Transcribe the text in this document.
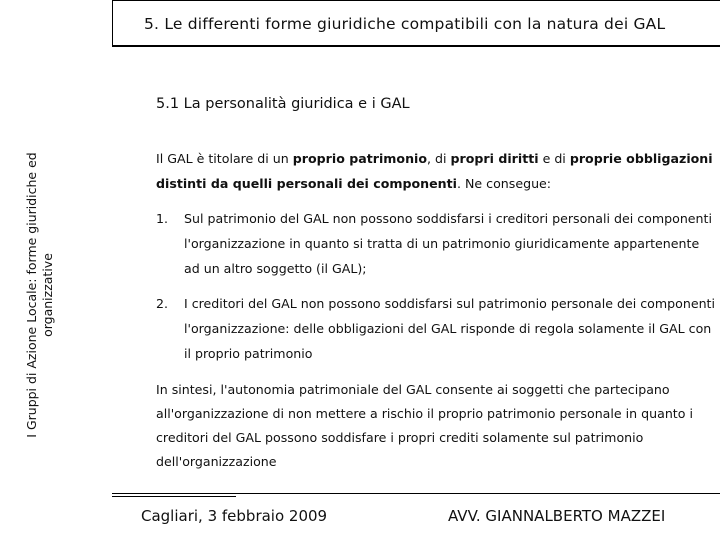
5. Le differenti forme giuridiche compatibili con la natura dei GAL
I Gruppi di Azione Locale: forme giuridiche ed
organizzative
5.1 La personalità giuridica e i GAL

Il GAL è titolare di un proprio patrimonio, di propri diritti e di proprie obbligazioni distinti da quelli personali dei componenti. Ne consegue:

1. Sul patrimonio del GAL non possono soddisfarsi i creditori personali dei componenti l'organizzazione in quanto si tratta di un patrimonio giuridicamente appartenente ad un altro soggetto (il GAL);
2. I creditori del GAL non possono soddisfarsi sul patrimonio personale dei componenti l'organizzazione: delle obbligazioni del GAL risponde di regola solamente il GAL con il proprio patrimonio
In sintesi, l'autonomia patrimoniale del GAL consente ai soggetti che partecipano all'organizzazione di non mettere a rischio il proprio patrimonio personale in quanto i creditori del GAL possono soddisfare i propri crediti solamente sul patrimonio dell'organizzazione
Cagliari, 3 febbraio 2009	AVV. GIANNALBERTO MAZZEI
